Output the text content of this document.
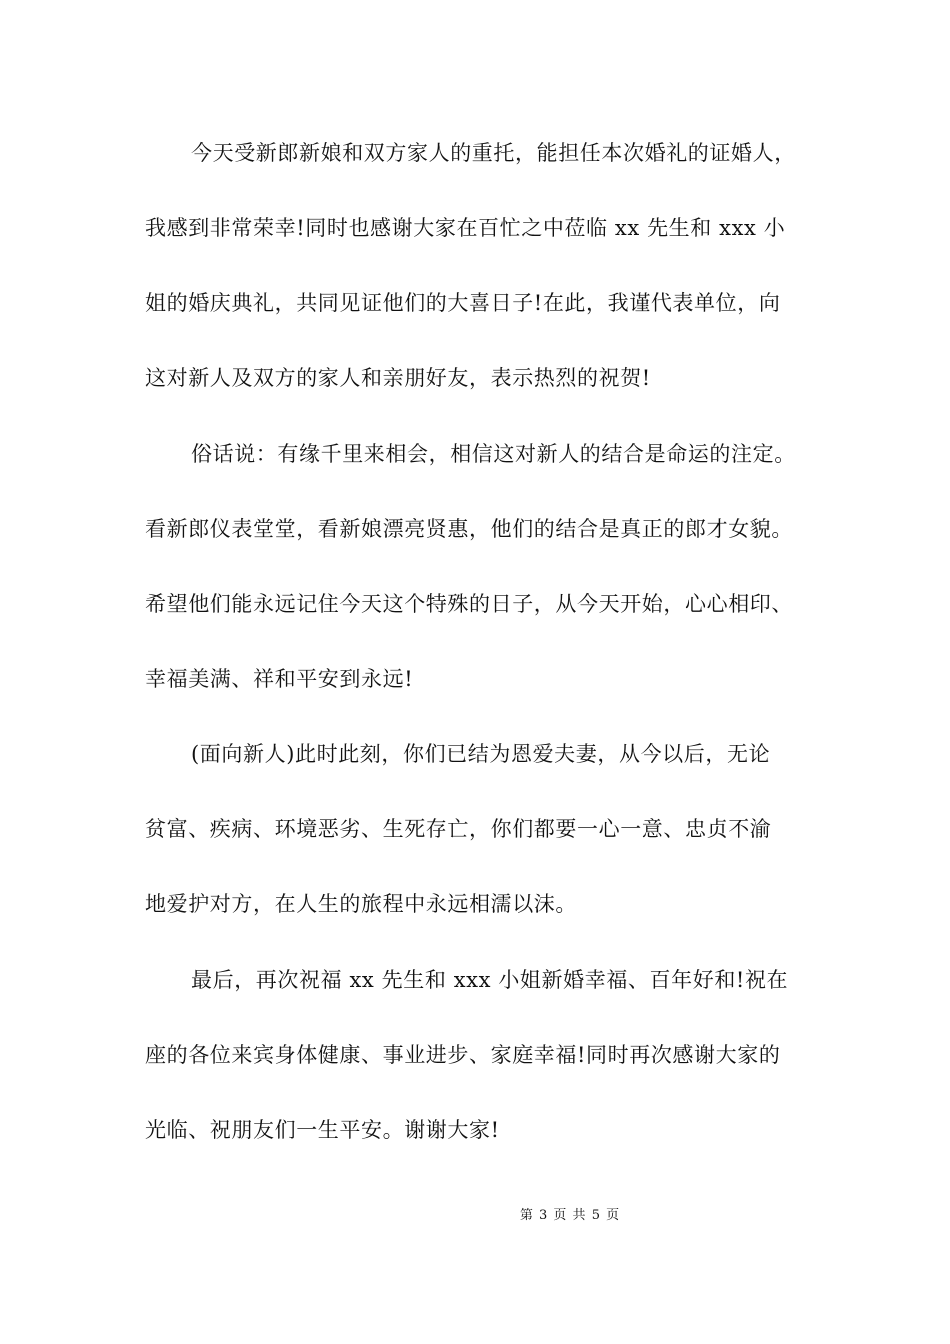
今天受新郎新娘和双方家人的重托，能担任本次婚礼的证婚人，
我感到非常荣幸!同时也感谢大家在百忙之中莅临 xx 先生和 xxx 小
姐的婚庆典礼，共同见证他们的大喜日子!在此，我谨代表单位，向
这对新人及双方的家人和亲朋好友，表示热烈的祝贺!
俗话说：有缘千里来相会，相信这对新人的结合是命运的注定。
看新郎仪表堂堂，看新娘漂亮贤惠，他们的结合是真正的郎才女貌。
希望他们能永远记住今天这个特殊的日子，从今天开始，心心相印、
幸福美满、祥和平安到永远!
(面向新人)此时此刻，你们已结为恩爱夫妻，从今以后，无论
贫富、疾病、环境恶劣、生死存亡，你们都要一心一意、忠贞不渝
地爱护对方，在人生的旅程中永远相濡以沫。
最后，再次祝福 xx 先生和 xxx 小姐新婚幸福、百年好和!祝在
座的各位来宾身体健康、事业进步、家庭幸福!同时再次感谢大家的
光临、祝朋友们一生平安。谢谢大家!
第 3 页 共 5 页
